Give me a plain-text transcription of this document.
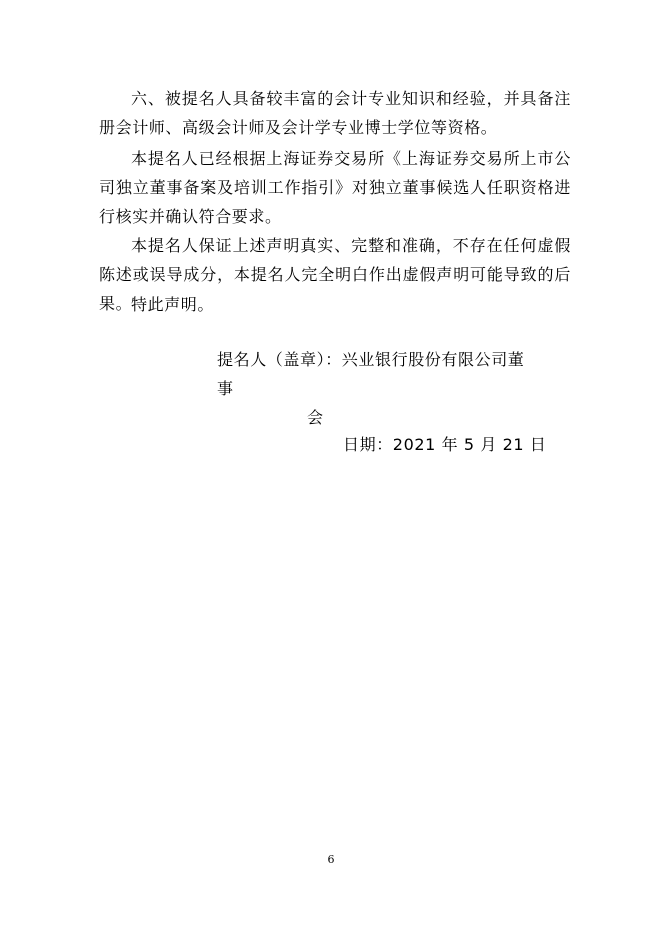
六、被提名人具备较丰富的会计专业知识和经验，并具备注册会计师、高级会计师及会计学专业博士学位等资格。

本提名人已经根据上海证券交易所《上海证券交易所上市公司独立董事备案及培训工作指引》对独立董事候选人任职资格进行核实并确认符合要求。

本提名人保证上述声明真实、完整和准确，不存在任何虚假陈述或误导成分，本提名人完全明白作出虚假声明可能导致的后果。

特此声明。

提名人（盖章）：兴业银行股份有限公司董事
会
日期：2021 年 5 月 21 日
6
